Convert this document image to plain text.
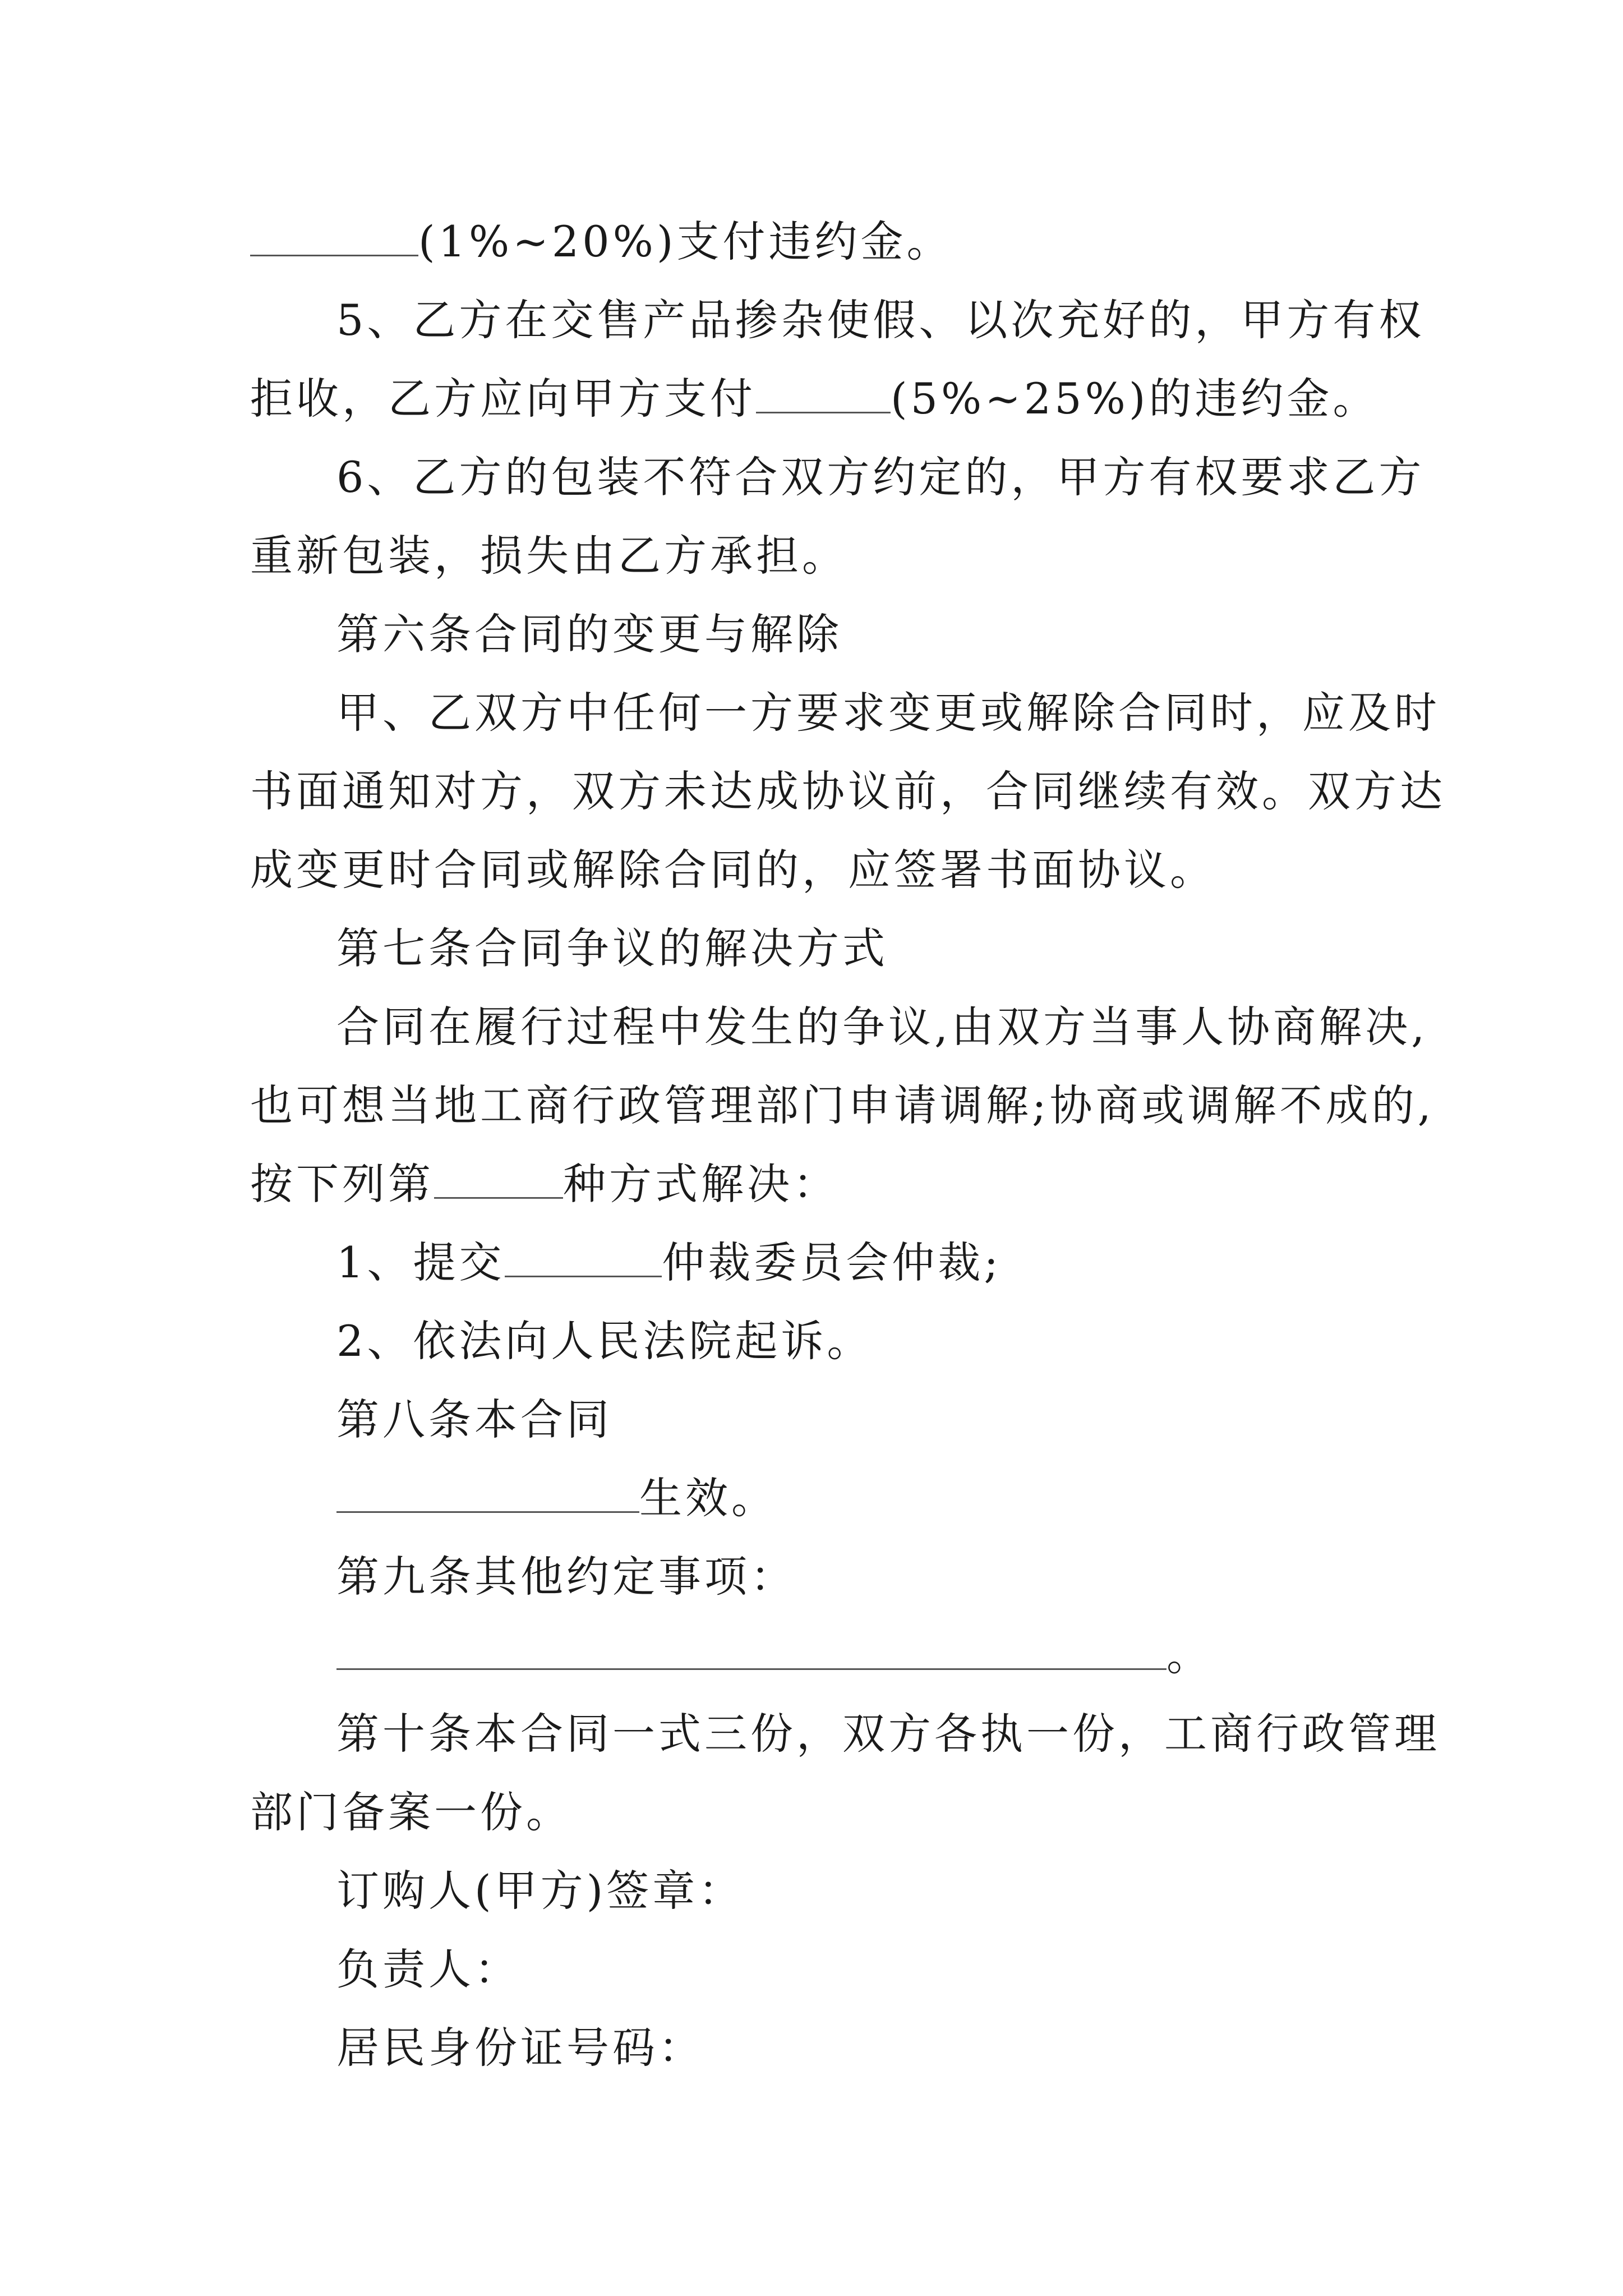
(1%~20%)支付违约金。
5、乙方在交售产品掺杂使假、以次充好的，甲方有权
拒收，乙方应向甲方支付	(5%~25%)的违约金。
6、乙方的包装不符合双方约定的，甲方有权要求乙方
重新包装，损失由乙方承担。
第六条合同的变更与解除
甲、乙双方中任何一方要求变更或解除合同时，应及时
书面通知对方，双方未达成协议前，合同继续有效。双方达
成变更时合同或解除合同的，应签署书面协议。
第七条合同争议的解决方式
合同在履行过程中发生的争议,由双方当事人协商解决,
也可想当地工商行政管理部门申请调解;协商或调解不成的,
按下列第	种方式解决：
1、提交	仲裁委员会仲裁;
2、依法向人民法院起诉。
第八条本合同
生效。
第九条其他约定事项：
。
第十条本合同一式三份，双方各执一份，工商行政管理
部门备案一份。
订购人(甲方)签章：
负责人：
居民身份证号码：
